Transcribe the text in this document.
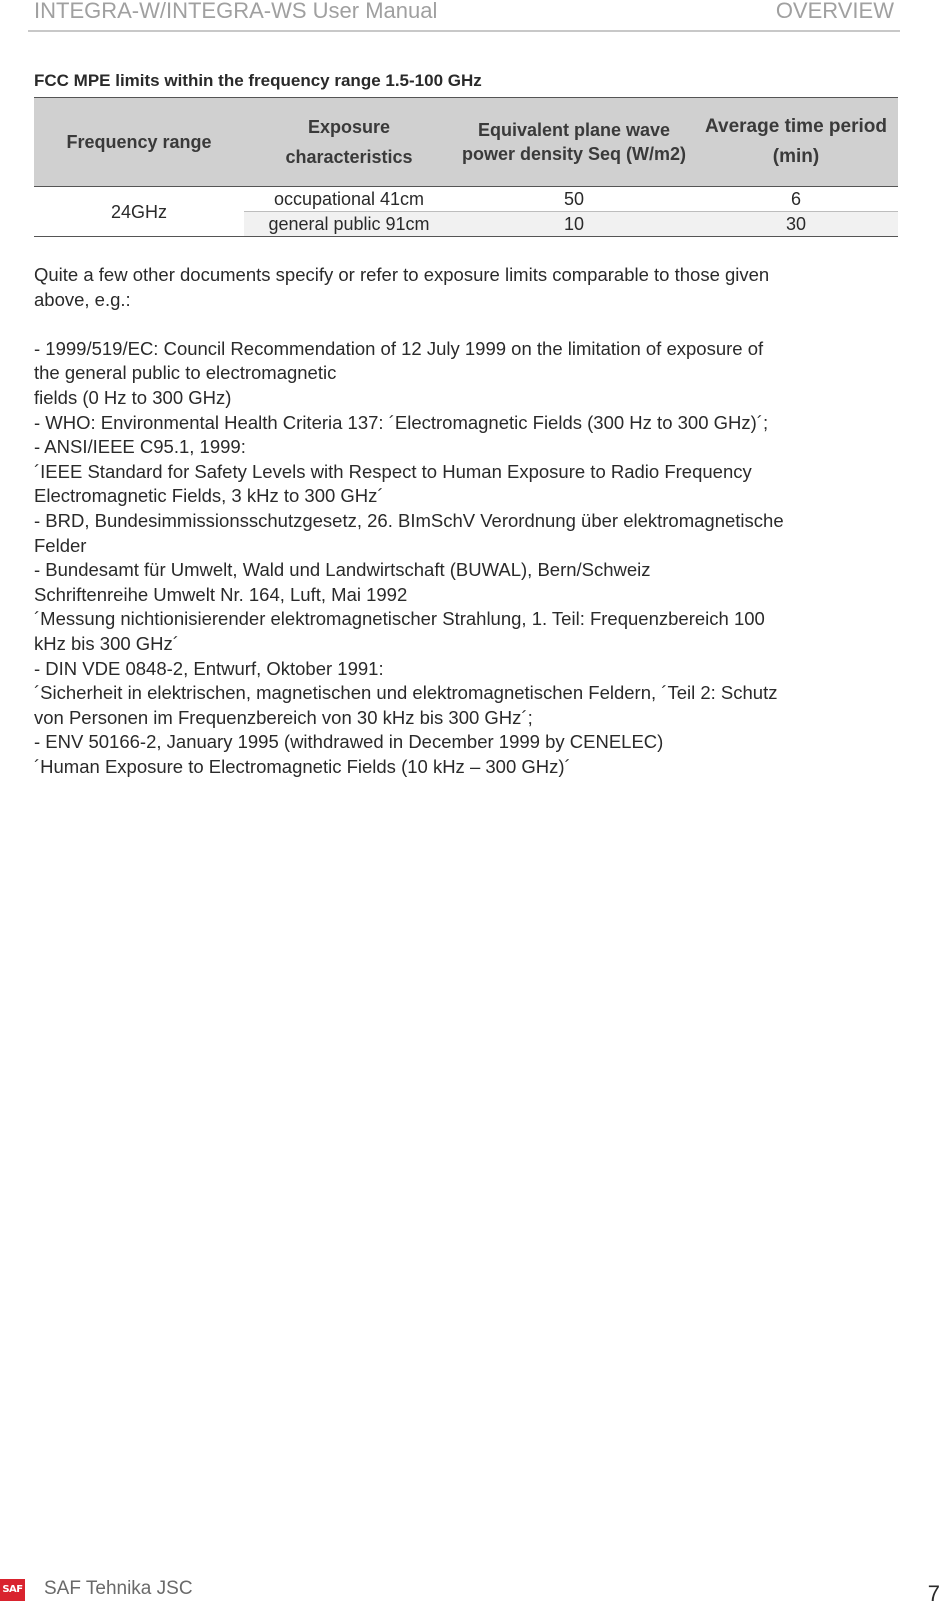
INTEGRA-W/INTEGRA-WS User Manual	OVERVIEW
FCC MPE limits within the frequency range 1.5-100 GHz
Frequency range	Exposure characteristics	Equivalent plane wave power density Seq (W/m2)	Average time period (min)
24GHz	occupational 41cm	50	6
	general public 91cm	10	30

Quite a few other documents specify or refer to exposure limits comparable to those given

above, e.g.:

- 1999/519/EC: Council Recommendation of 12 July 1999 on the limitation of exposure of

the general public to electromagnetic

fields (0 Hz to 300 GHz)

- WHO: Environmental Health Criteria 137: ´Electromagnetic Fields (300 Hz to 300 GHz)´;

- ANSI/IEEE C95.1, 1999:

´IEEE Standard for Safety Levels with Respect to Human Exposure to Radio Frequency

Electromagnetic Fields, 3 kHz to 300 GHz´

- BRD, Bundesimmissionsschutzgesetz, 26. BImSchV Verordnung über elektromagnetische

Felder

- Bundesamt für Umwelt, Wald und Landwirtschaft (BUWAL), Bern/Schweiz

Schriftenreihe Umwelt Nr. 164, Luft, Mai 1992

´Messung nichtionisierender elektromagnetischer Strahlung, 1. Teil: Frequenzbereich 100

kHz bis 300 GHz´

- DIN VDE 0848-2, Entwurf, Oktober 1991:

´Sicherheit in elektrischen, magnetischen und elektromagnetischen Feldern, ´Teil 2: Schutz

von Personen im Frequenzbereich von 30 kHz bis 300 GHz´;

- ENV 50166-2, January 1995 (withdrawed in December 1999 by CENELEC)

´Human Exposure to Electromagnetic Fields (10 kHz – 300 GHz)´

SAF SAF Tehnika JSC	7
